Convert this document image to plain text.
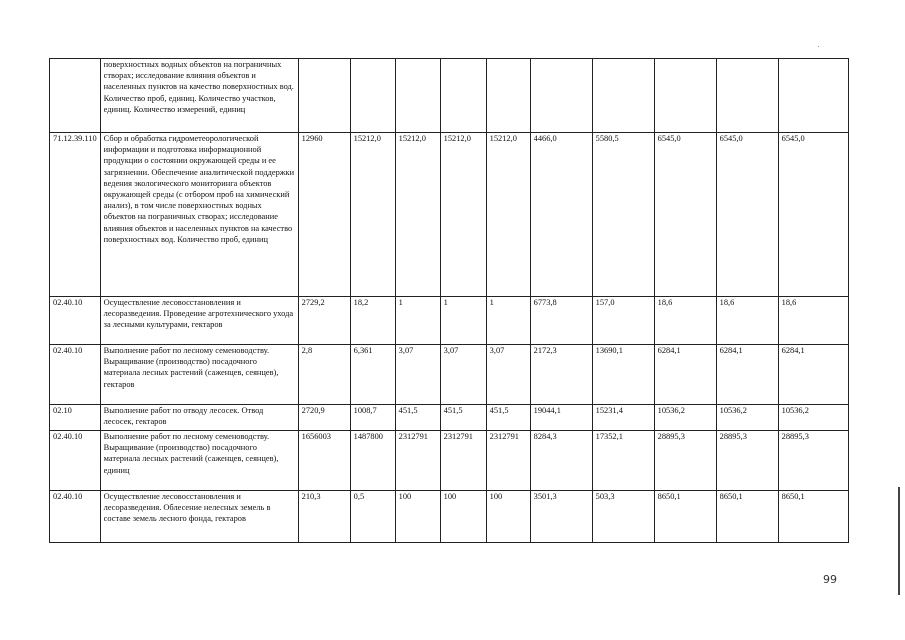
	поверхностных водных объектов на пограничных створах; исследование влияния объектов и населенных пунктов на качество поверхностных вод. Количество проб, единиц. Количество участков, единиц. Количество измерений, единиц										
71.12.39.110	Сбор и обработка гидрометеорологической информации и подготовка информационной продукции о состоянии окружающей среды и ее загрязнении. Обеспечение аналитической поддержки ведения экологического мониторинга объектов окружающей среды (с отбором проб на химический анализ), в том числе поверхностных водных объектов на пограничных створах; исследование влияния объектов и населенных пунктов на качество поверхностных вод. Количество проб, единиц	12960	15212,0	15212,0	15212,0	15212,0	4466,0	5580,5	6545,0	6545,0	6545,0
02.40.10	Осуществление лесовосстановления и лесоразведения. Проведение агротехнического ухода за лесными культурами, гектаров	2729,2	18,2	1	1	1	6773,8	157,0	18,6	18,6	18,6
02.40.10	Выполнение работ по лесному семеноводству. Выращивание (производство) посадочного материала лесных растений (саженцев, сеянцев), гектаров	2,8	6,361	3,07	3,07	3,07	2172,3	13690,1	6284,1	6284,1	6284,1
02.10	Выполнение работ по отводу лесосек. Отвод лесосек, гектаров	2720,9	1008,7	451,5	451,5	451,5	19044,1	15231,4	10536,2	10536,2	10536,2
02.40.10	Выполнение работ по лесному семеноводству. Выращивание (производство) посадочного материала лесных растений (саженцев, сеянцев), единиц	1656003	1487800	2312791	2312791	2312791	8284,3	17352,1	28895,3	28895,3	28895,3
02.40.10	Осуществление лесовосстановления и лесоразведения. Облесение нелесных земель в составе земель лесного фонда, гектаров	210,3	0,5	100	100	100	3501,3	503,3	8650,1	8650,1	8650,1
99
